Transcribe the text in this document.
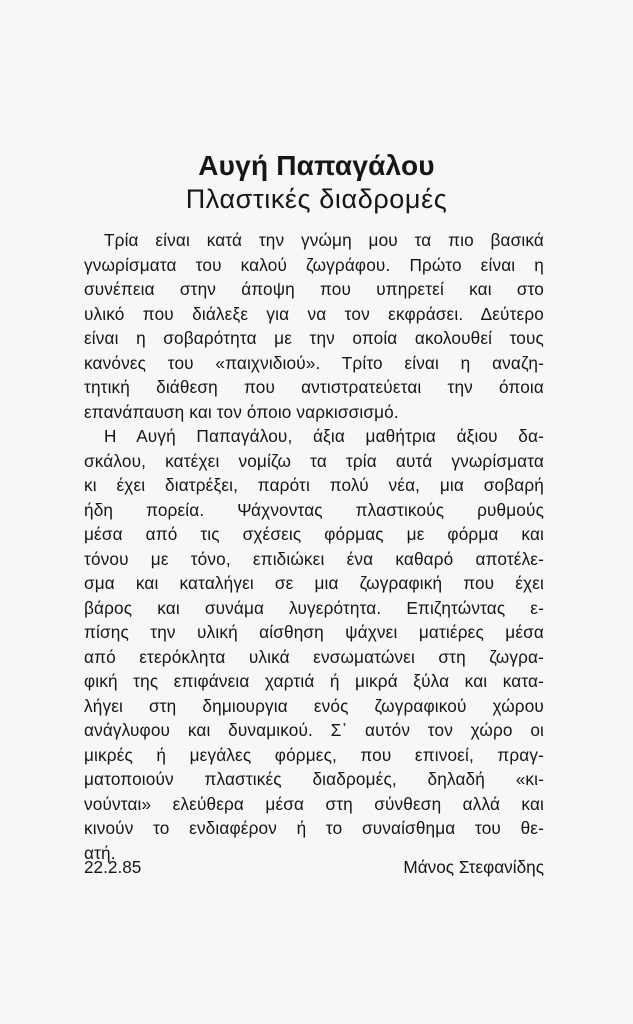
Αυγή Παπαγάλου
Πλαστικές διαδρομές
Τρία είναι κατά την γνώμη μου τα πιο βασικά
γνωρίσματα του καλού ζωγράφου. Πρώτο είναι η
συνέπεια στην άποψη που υπηρετεί και στο
υλικό που διάλεξε για να τον εκφράσει. Δεύτερο
είναι η σοβαρότητα με την οποία ακολουθεί τους
κανόνες του «παιχνιδιού». Τρίτο είναι η αναζη-
τητική διάθεση που αντιστρατεύεται την όποια
επανάπαυση και τον όποιο ναρκισσισμό.
Η Αυγή Παπαγάλου, άξια μαθήτρια άξιου δα-
σκάλου, κατέχει νομίζω τα τρία αυτά γνωρίσματα
κι έχει διατρέξει, παρότι πολύ νέα, μια σοβαρή
ήδη πορεία. Ψάχνοντας πλαστικούς ρυθμούς
μέσα από τις σχέσεις φόρμας με φόρμα και
τόνου με τόνο, επιδιώκει ένα καθαρό αποτέλε-
σμα και καταλήγει σε μια ζωγραφική που έχει
βάρος και συνάμα λυγερότητα. Επιζητώντας ε-
πίσης την υλική αίσθηση ψάχνει ματιέρες μέσα
από ετερόκλητα υλικά ενσωματώνει στη ζωγρα-
φική της επιφάνεια χαρτιά ή μικρά ξύλα και κατα-
λήγει στη δημιουργια ενός ζωγραφικού χώρου
ανάγλυφου και δυναμικού. Σ᾽ αυτόν τον χώρο οι
μικρές ή μεγάλες φόρμες, που επινοεί, πραγ-
ματοποιούν πλαστικές διαδρομές, δηλαδή «κι-
νούνται» ελεύθερα μέσα στη σύνθεση αλλά και
κινούν το ενδιαφέρον ή το συναίσθημα του θε-
ατή.
22.2.85	Μάνος Στεφανίδης
